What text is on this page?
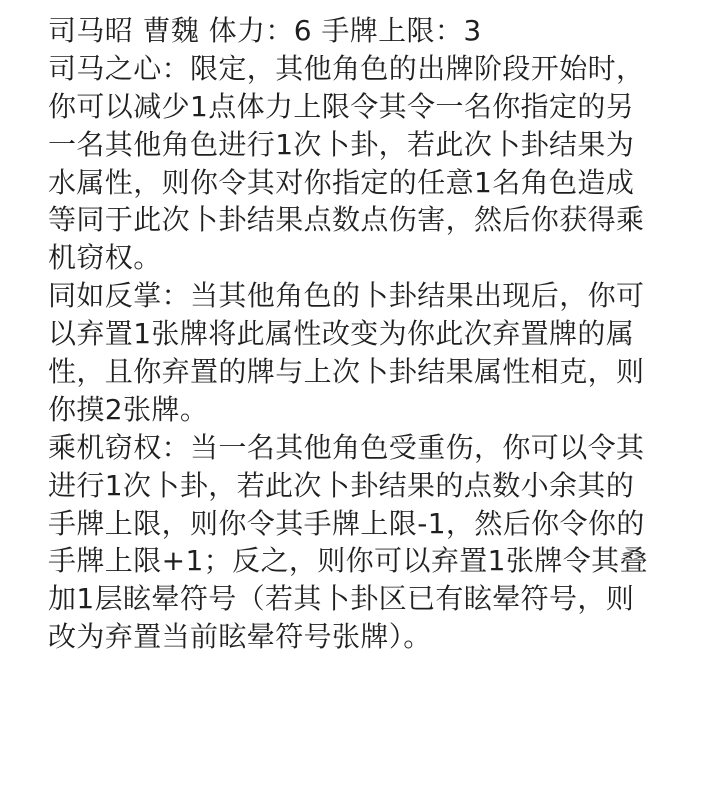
司马昭 曹魏 体力：6 手牌上限：3
司马之心：限定，其他角色的出牌阶段开始时，
你可以减少1点体力上限令其令一名你指定的另
一名其他角色进行1次卜卦，若此次卜卦结果为
水属性，则你令其对你指定的任意1名角色造成
等同于此次卜卦结果点数点伤害，然后你获得乘
机窃权。
同如反掌：当其他角色的卜卦结果出现后，你可
以弃置1张牌将此属性改变为你此次弃置牌的属
性，且你弃置的牌与上次卜卦结果属性相克，则
你摸2张牌。
乘机窃权：当一名其他角色受重伤，你可以令其
进行1次卜卦，若此次卜卦结果的点数小余其的
手牌上限，则你令其手牌上限-1，然后你令你的
手牌上限+1；反之，则你可以弃置1张牌令其叠
加1层眩晕符号（若其卜卦区已有眩晕符号，则
改为弃置当前眩晕符号张牌）。
